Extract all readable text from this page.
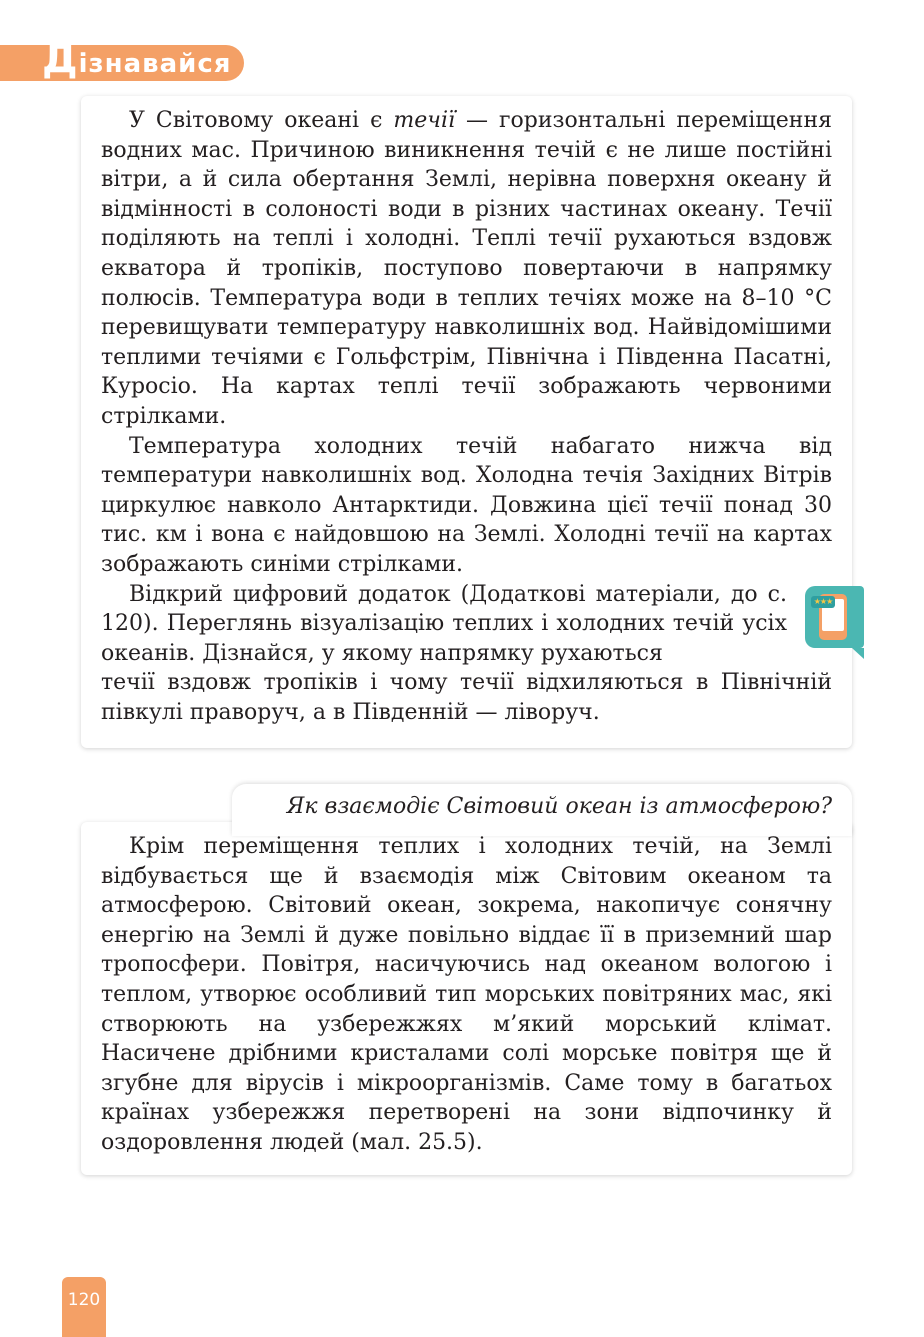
Дізнавайся

У Світовому океані є течії — горизонтальні переміщення водних мас. Причиною виникнення течій є не лише постійні вітри, а й сила обертання Землі, нерівна поверхня океану й відмінності в солоності води в різних частинах океану. Течії поділяють на теплі і холодні. Теплі течії рухаються вздовж екватора й тропіків, поступово повертаючи в напрямку полюсів. Температура води в теплих течіях може на 8–10 °С перевищувати температуру навколишніх вод. Найвідомішими теплими течіями є Гольфстрім, Північна і Південна Пасатні, Куросіо. На картах теплі течії зображають червоними стрілками.

Температура холодних течій набагато нижча від температури навколишніх вод. Холодна течія Західних Вітрів циркулює навколо Антарктиди. Довжина цієї течії понад 30 тис. км і вона є найдовшою на Землі. Холодні течії на картах зображають синіми стрілками.

Відкрий цифровий додаток (Додаткові матеріали, до с. 120). Переглянь візуалізацію теплих і холодних течій усіх океанів. Дізнайся, у якому напрямку рухаються

течії вздовж тропіків і чому течії відхиляються в Північній півкулі праворуч, а в Південній — ліворуч.

★★★
Як взаємодіє Світовий океан із атмосферою?

Крім переміщення теплих і холодних течій, на Землі відбувається ще й взаємодія між Світовим океаном та атмосферою. Світовий океан, зокрема, накопичує сонячну енергію на Землі й дуже повільно віддає її в приземний шар тропосфери. Повітря, насичуючись над океаном вологою і теплом, утворює особливий тип морських повітряних мас, які створюють на узбережжях м’який морський клімат. Насичене дрібними кристалами солі морське повітря ще й згубне для вірусів і мікроорганізмів. Саме тому в багатьох країнах узбережжя перетворені на зони відпочинку й оздоровлення людей (мал. 25.5).

120
